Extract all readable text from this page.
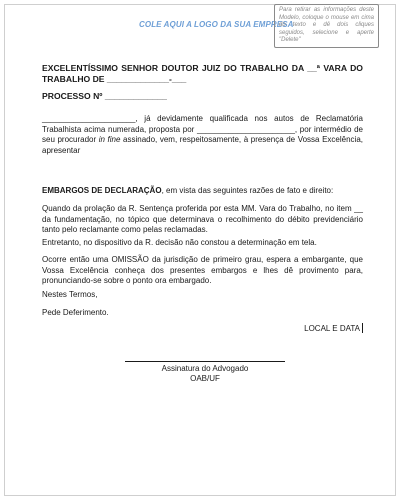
COLE AQUI A LOGO DA SUA EMPRESA
Para retirar as informações deste Modelo, coloque o mouse em cima do texto e dê dois cliques seguidos, selecione e aperte "Delete"
EXCELENTÍSSIMO SENHOR DOUTOR JUIZ DO TRABALHO DA __ª VARA DO TRABALHO DE _____________-___
PROCESSO Nº _____________
_____________________, já devidamente qualificada nos autos de Reclamatória Trabalhista acima numerada, proposta por ______________________, por intermédio de seu procurador in fine assinado, vem, respeitosamente, à presença de Vossa Excelência, apresentar
EMBARGOS DE DECLARAÇÃO, em vista das seguintes razões de fato e direito:
Quando da prolação da R. Sentença proferida por esta MM. Vara do Trabalho, no item __ da fundamentação, no tópico que determinava o recolhimento do débito previdenciário tanto pelo reclamante como pelas reclamadas.
Entretanto, no dispositivo da R. decisão não constou a determinação em tela.
Ocorre então uma OMISSÃO da jurisdição de primeiro grau, espera a embargante, que Vossa Excelência conheça dos presentes embargos e lhes dê provimento para, pronunciando-se sobre o ponto ora embargado.
Nestes Termos,
Pede Deferimento.
LOCAL E DATA
Assinatura do Advogado
OAB/UF
